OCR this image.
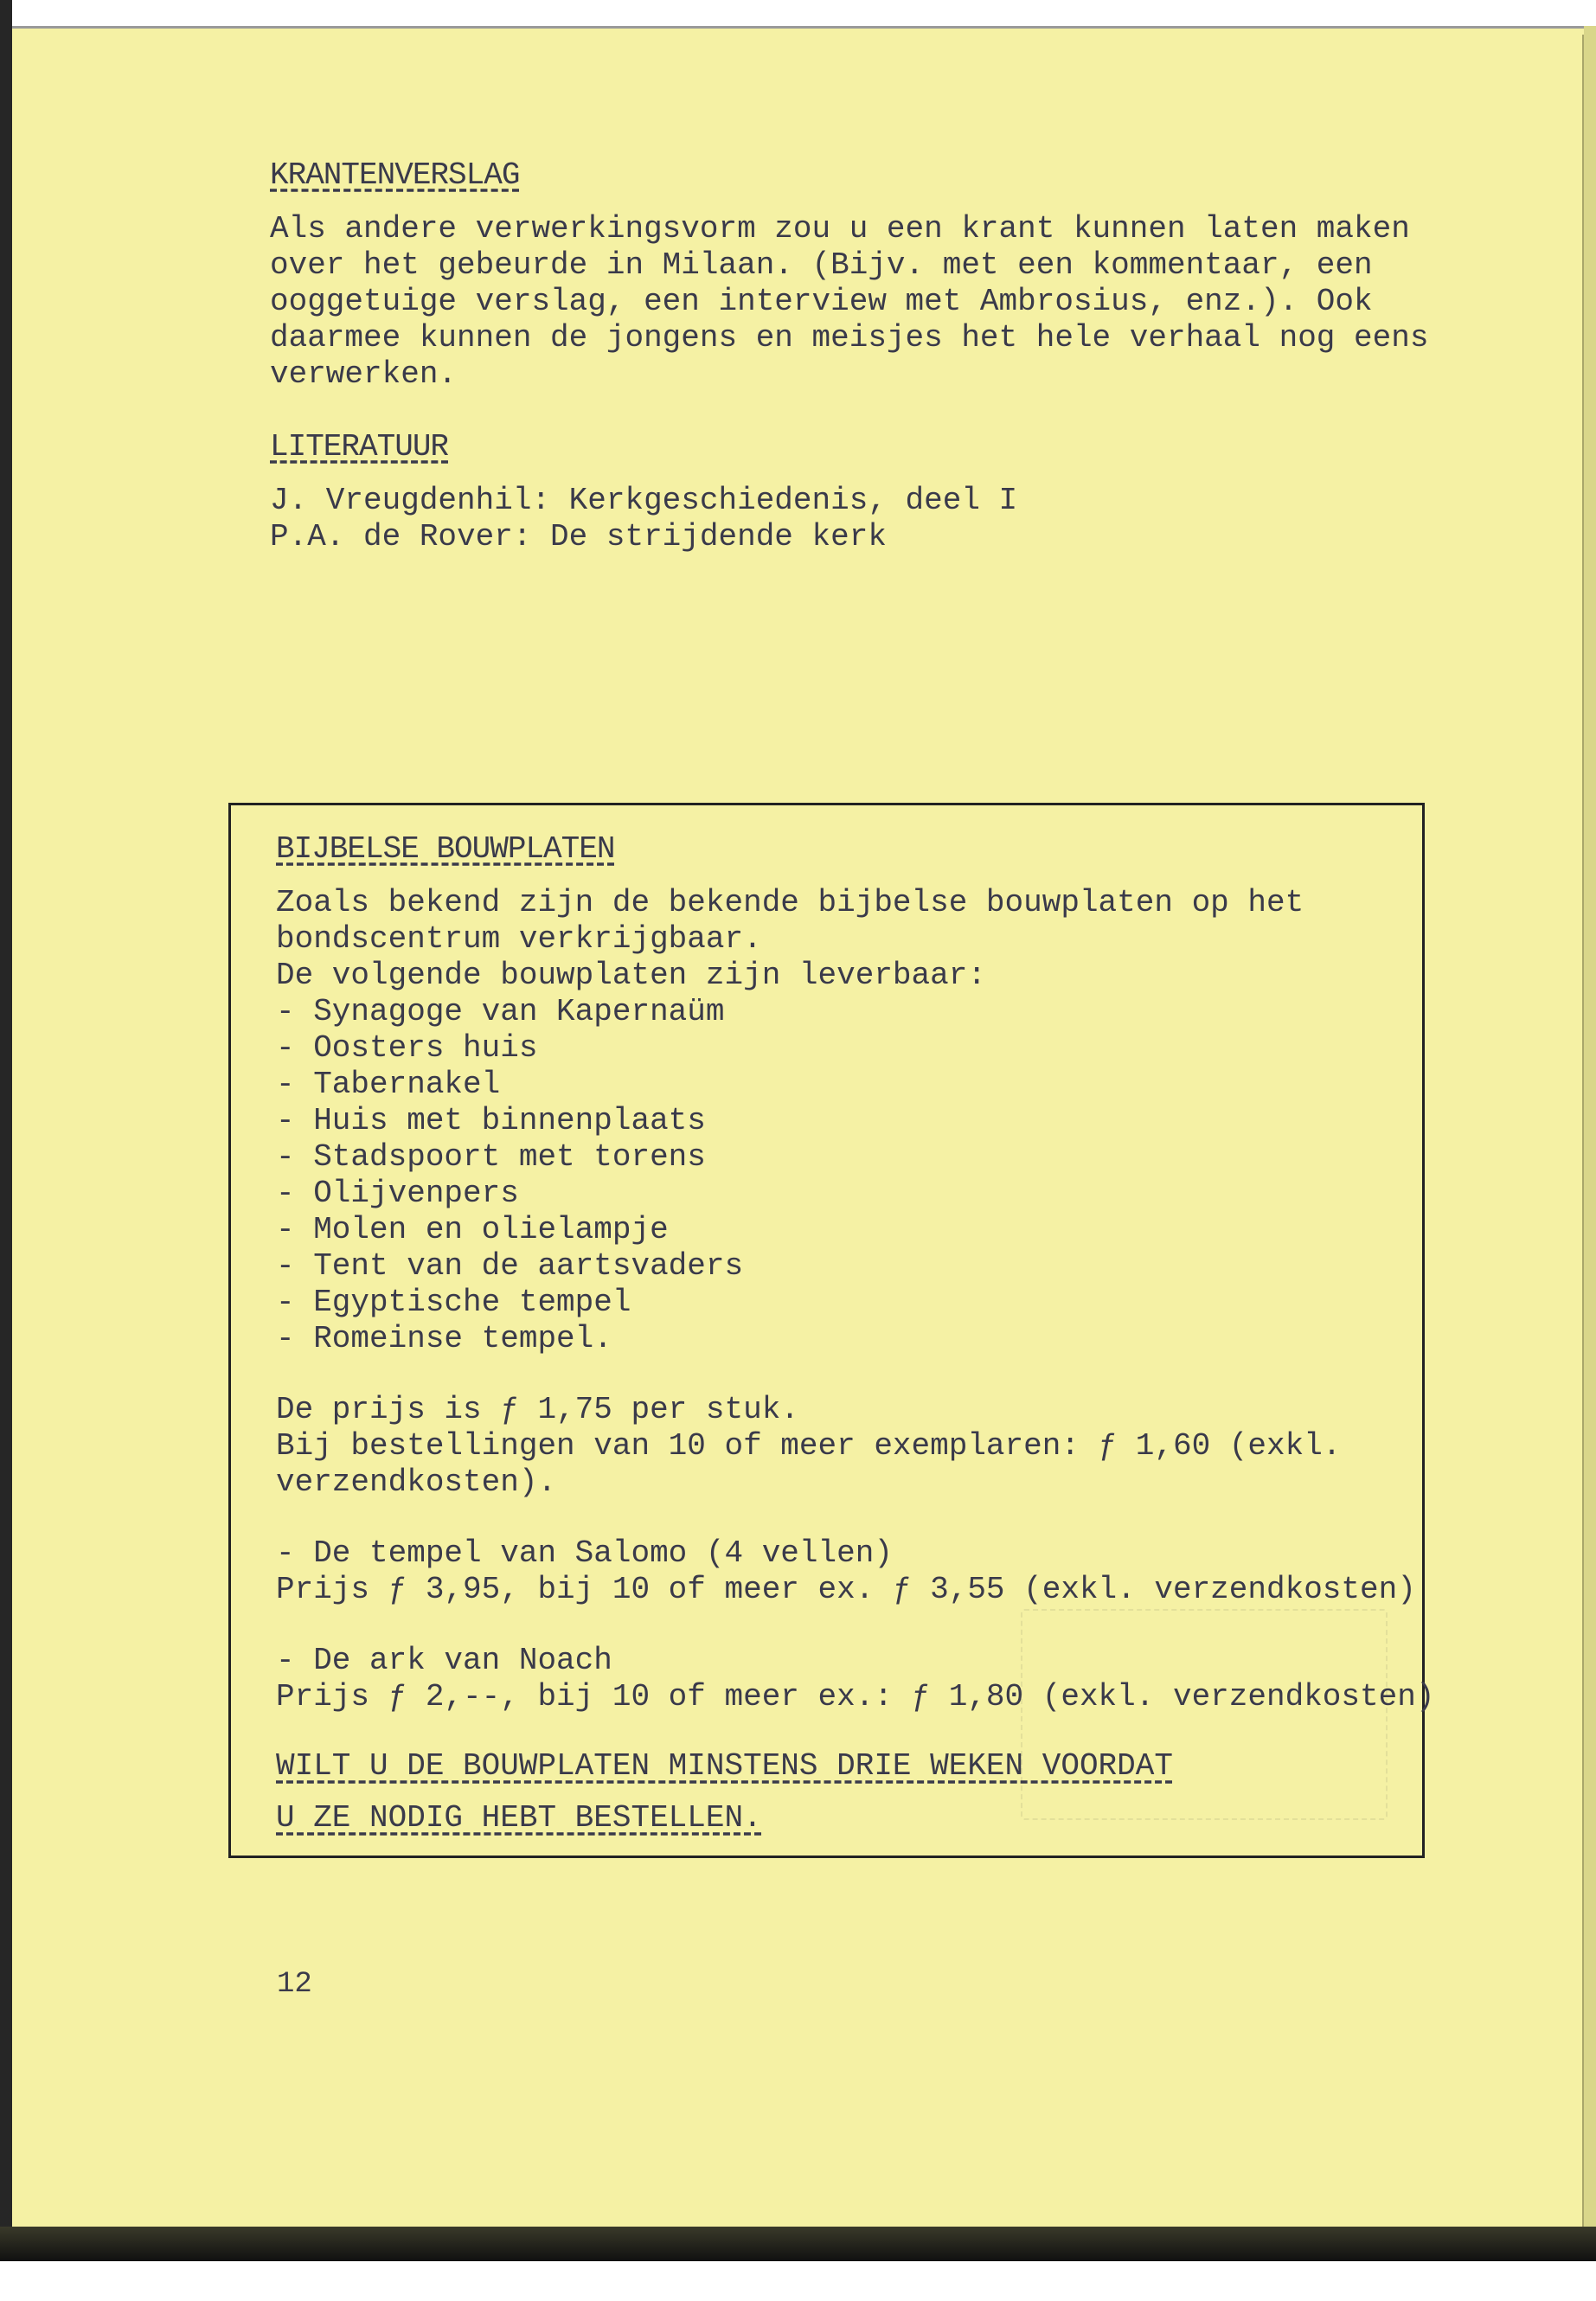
KRANTENVERSLAG

Als andere verwerkingsvorm zou u een krant kunnen laten maken

over het gebeurde in Milaan. (Bijv. met een kommentaar, een

ooggetuige verslag, een interview met Ambrosius, enz.). Ook

daarmee kunnen de jongens en meisjes het hele verhaal nog eens

verwerken.

LITERATUUR

J. Vreugdenhil: Kerkgeschiedenis, deel I

P.A. de Rover: De strijdende kerk

BIJBELSE BOUWPLATEN

Zoals bekend zijn de bekende bijbelse bouwplaten op het

bondscentrum verkrijgbaar.

De volgende bouwplaten zijn leverbaar:

- Synagoge van Kapernaüm

- Oosters huis

- Tabernakel

- Huis met binnenplaats

- Stadspoort met torens

- Olijvenpers

- Molen en olielampje

- Tent van de aartsvaders

- Egyptische tempel

- Romeinse tempel.

De prijs is ƒ 1,75 per stuk.

Bij bestellingen van 10 of meer exemplaren: ƒ 1,60 (exkl.

verzendkosten).

- De tempel van Salomo (4 vellen)

Prijs ƒ 3,95, bij 10 of meer ex. ƒ 3,55 (exkl. verzendkosten)

- De ark van Noach

Prijs ƒ 2,--, bij 10 of meer ex.: ƒ 1,80 (exkl. verzendkosten)

WILT U DE BOUWPLATEN MINSTENS DRIE WEKEN VOORDAT

U ZE NODIG HEBT BESTELLEN.

12
